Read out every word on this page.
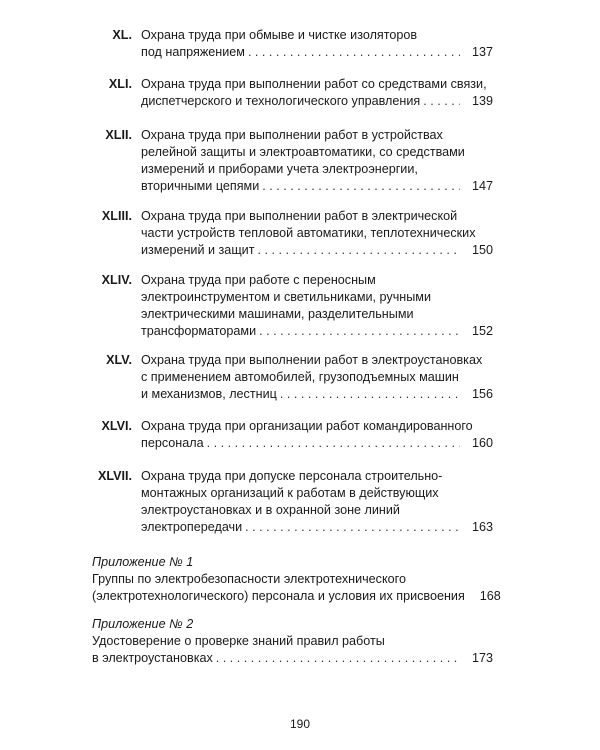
XL. Охрана труда при обмыве и чистке изоляторов
под напряжением . . .	137
XLI. Охрана труда при выполнении работ со средствами связи,
диспетчерского и технологического управления . . .	139
XLII. Охрана труда при выполнении работ в устройствах
релейной защиты и электроавтоматики, со средствами
измерений и приборами учета электроэнергии,
вторичными цепями . . .	147
XLIII. Охрана труда при выполнении работ в электрической
части устройств тепловой автоматики, теплотехнических
измерений и защит . . .	150
XLIV. Охрана труда при работе с переносным
электроинструментом и светильниками, ручными
электрическими машинами, разделительными
трансформаторами . . .	152
XLV. Охрана труда при выполнении работ в электроустановках
с применением автомобилей, грузоподъемных машин
и механизмов, лестниц . . .	156
XLVI. Охрана труда при организации работ командированного
персонала . . .	160
XLVII. Охрана труда при допуске персонала строительно-
монтажных организаций к работам в действующих
электроустановках и в охранной зоне линий
электропередачи . . .	163
Приложение № 1
Группы по электробезопасности электротехнического
(электротехнологического) персонала и условия их присвоения	168
Приложение № 2
Удостоверение о проверке знаний правил работы
в электроустановках . . .	173
190
